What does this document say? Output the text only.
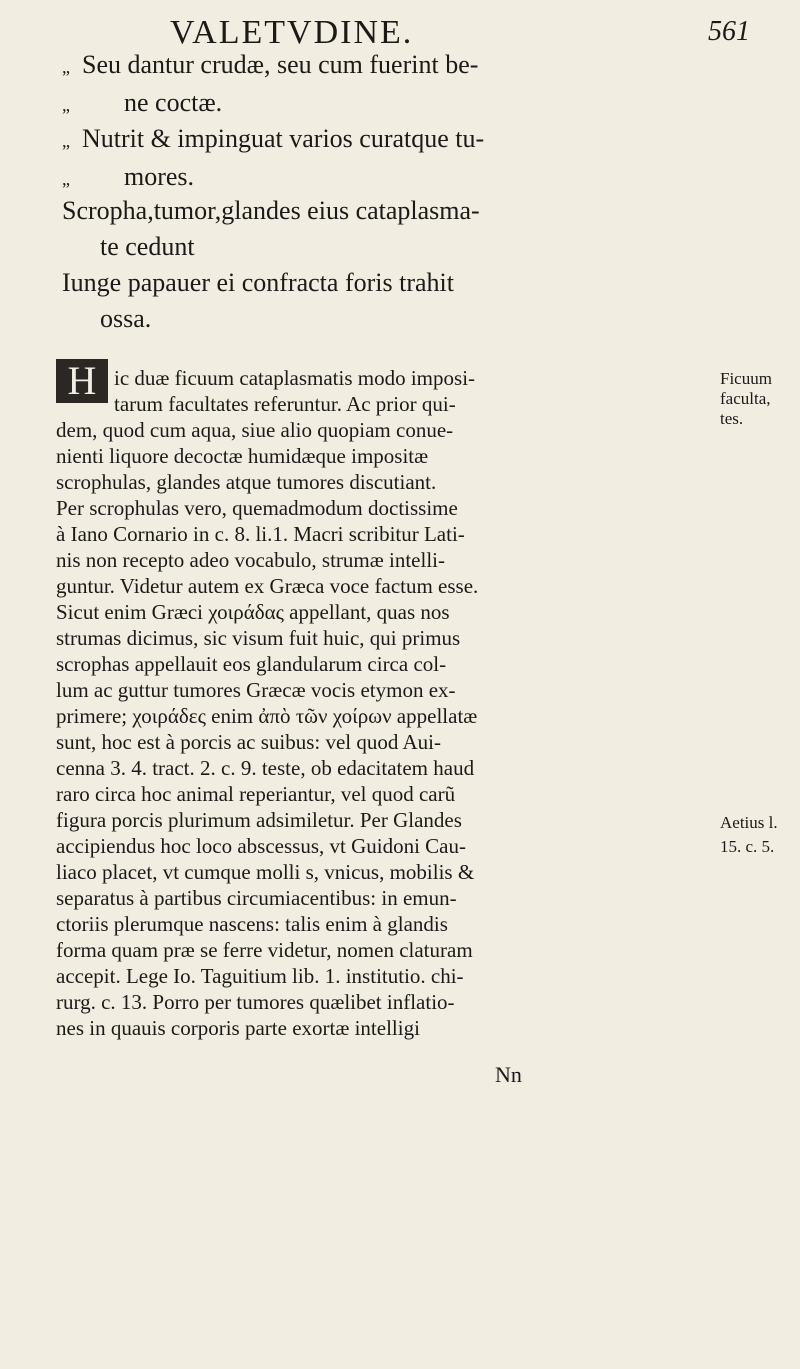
VALETVDINE.	561
„ Seu dantur crudæ, seu cum fuerint be-
„ ne coctæ.
„ Nutrit & impinguat varios curatque tu-
„ mores.
Scropha,tumor,glandes eius cataplasma-
te cedunt
Iunge papauer ei confracta foris trahit
ossa.
H ic duæ ficuum cataplasmatis modo imposi-
tarum facultates referuntur. Ac prior qui-
dem, quod cum aqua, siue alio quopiam conue-
nienti liquore decoctæ humidæque impositæ
scrophulas, glandes atque tumores discutiant.
Per scrophulas vero, quemadmodum doctissime
à Iano Cornario in c. 8. li.1. Macri scribitur Lati-
nis non recepto adeo vocabulo, strumæ intelli-
guntur. Videtur autem ex Græca voce factum esse.
Sicut enim Græci χοιράδας appellant, quas nos
strumas dicimus, sic visum fuit huic, qui primus
scrophas appellauit eos glandularum circa col-
lum ac guttur tumores Græcæ vocis etymon ex-
primere; χοιράδες enim ἀπὸ τῶν χοίρων appellatæ
sunt, hoc est à porcis ac suibus: vel quod Aui-
cenna 3. 4. tract. 2. c. 9. teste, ob edacitatem haud
raro circa hoc animal reperiantur, vel quod carũ
figura porcis plurimum adsimiletur. Per Glandes
accipiendus hoc loco abscessus, vt Guidoni Cau-
liaco placet, vt cumque molli s, vnicus, mobilis &
separatus à partibus circumiacentibus: in emun-
ctoriis plerumque nascens: talis enim à glandis
forma quam præ se ferre videtur, nomen claturam
accepit. Lege Io. Taguitium lib. 1. institutio. chi-
rurg. c. 13. Porro per tumores quælibet inflatio-
nes in quauis corporis parte exortæ intelligi
Nn
Ficuum
faculta,
tes.
Aetius l.
15. c. 5.
